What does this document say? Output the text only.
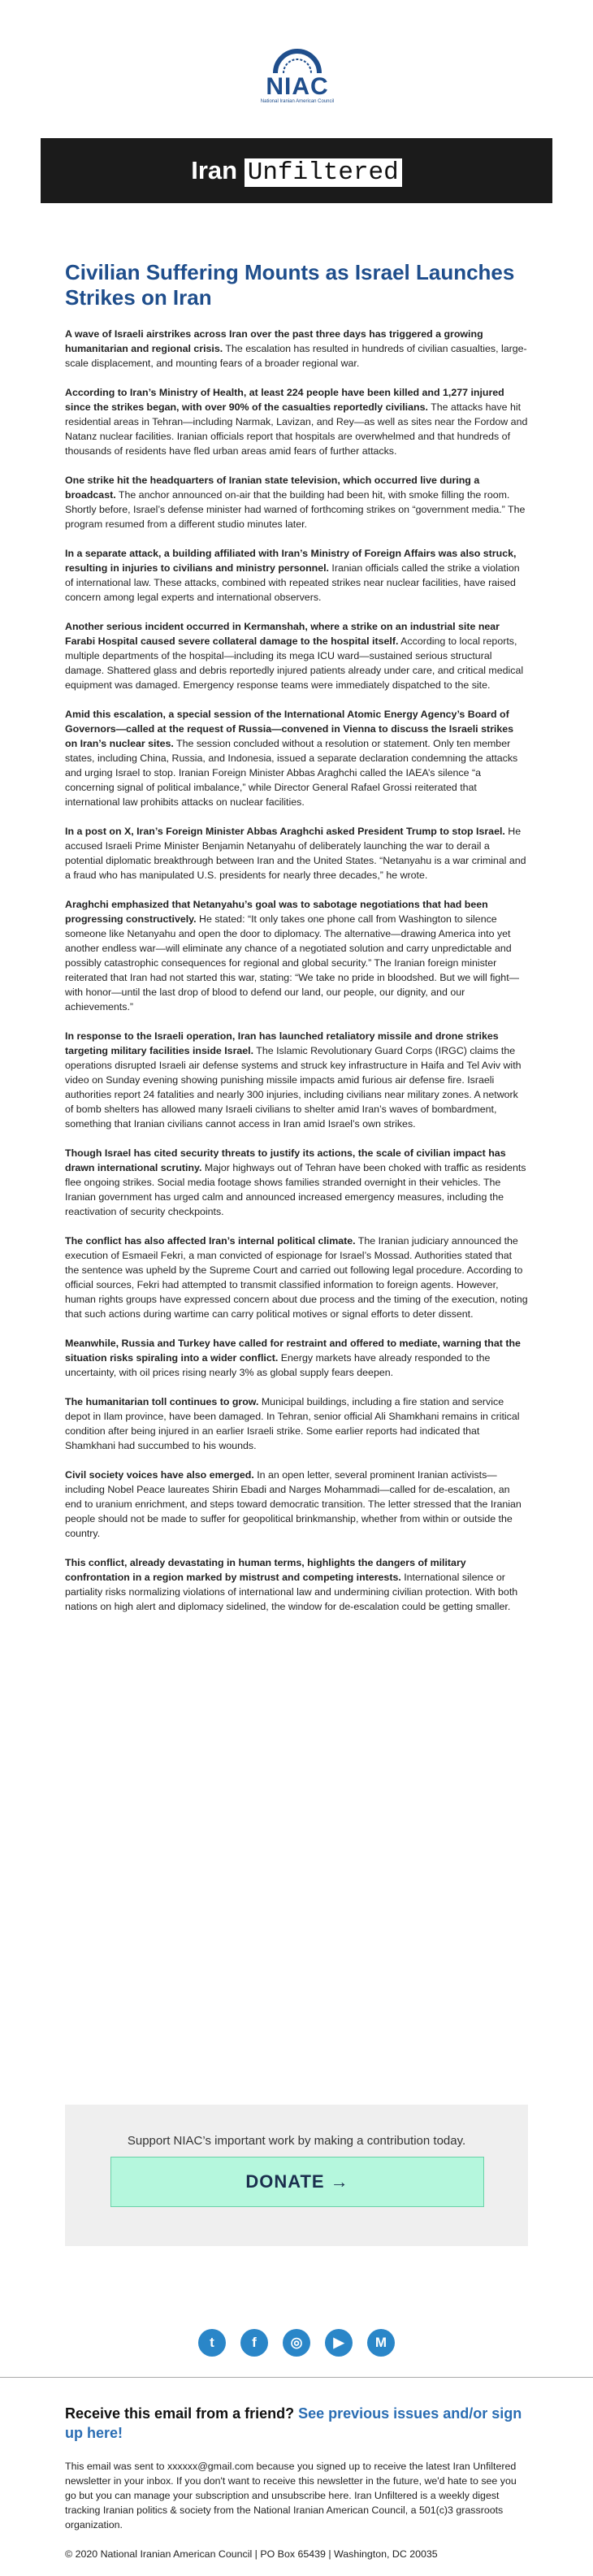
NIAC
National Iranian American Council
Iran Unfiltered
Civilian Suffering Mounts as Israel Launches Strikes on Iran

A wave of Israeli airstrikes across Iran over the past three days has triggered a growing humanitarian and regional crisis. The escalation has resulted in hundreds of civilian casualties, large-scale displacement, and mounting fears of a broader regional war.

According to Iran’s Ministry of Health, at least 224 people have been killed and 1,277 injured since the strikes began, with over 90% of the casualties reportedly civilians. The attacks have hit residential areas in Tehran—including Narmak, Lavizan, and Rey—as well as sites near the Fordow and Natanz nuclear facilities. Iranian officials report that hospitals are overwhelmed and that hundreds of thousands of residents have fled urban areas amid fears of further attacks.

One strike hit the headquarters of Iranian state television, which occurred live during a broadcast. The anchor announced on-air that the building had been hit, with smoke filling the room. Shortly before, Israel’s defense minister had warned of forthcoming strikes on “government media.” The program resumed from a different studio minutes later.

In a separate attack, a building affiliated with Iran’s Ministry of Foreign Affairs was also struck, resulting in injuries to civilians and ministry personnel. Iranian officials called the strike a violation of international law. These attacks, combined with repeated strikes near nuclear facilities, have raised concern among legal experts and international observers.

Another serious incident occurred in Kermanshah, where a strike on an industrial site near Farabi Hospital caused severe collateral damage to the hospital itself. According to local reports, multiple departments of the hospital—including its mega ICU ward—sustained serious structural damage. Shattered glass and debris reportedly injured patients already under care, and critical medical equipment was damaged. Emergency response teams were immediately dispatched to the site.

Amid this escalation, a special session of the International Atomic Energy Agency’s Board of Governors—called at the request of Russia—convened in Vienna to discuss the Israeli strikes on Iran’s nuclear sites. The session concluded without a resolution or statement. Only ten member states, including China, Russia, and Indonesia, issued a separate declaration condemning the attacks and urging Israel to stop. Iranian Foreign Minister Abbas Araghchi called the IAEA’s silence “a concerning signal of political imbalance,” while Director General Rafael Grossi reiterated that international law prohibits attacks on nuclear facilities.

In a post on X, Iran’s Foreign Minister Abbas Araghchi asked President Trump to stop Israel. He accused Israeli Prime Minister Benjamin Netanyahu of deliberately launching the war to derail a potential diplomatic breakthrough between Iran and the United States. “Netanyahu is a war criminal and a fraud who has manipulated U.S. presidents for nearly three decades,” he wrote.

Araghchi emphasized that Netanyahu’s goal was to sabotage negotiations that had been progressing constructively. He stated: “It only takes one phone call from Washington to silence someone like Netanyahu and open the door to diplomacy. The alternative—drawing America into yet another endless war—will eliminate any chance of a negotiated solution and carry unpredictable and possibly catastrophic consequences for regional and global security.” The Iranian foreign minister reiterated that Iran had not started this war, stating: “We take no pride in bloodshed. But we will fight—with honor—until the last drop of blood to defend our land, our people, our dignity, and our achievements.”

In response to the Israeli operation, Iran has launched retaliatory missile and drone strikes targeting military facilities inside Israel. The Islamic Revolutionary Guard Corps (IRGC) claims the operations disrupted Israeli air defense systems and struck key infrastructure in Haifa and Tel Aviv with video on Sunday evening showing punishing missile impacts amid furious air defense fire. Israeli authorities report 24 fatalities and nearly 300 injuries, including civilians near military zones. A network of bomb shelters has allowed many Israeli civilians to shelter amid Iran’s waves of bombardment, something that Iranian civilians cannot access in Iran amid Israel’s own strikes.

Though Israel has cited security threats to justify its actions, the scale of civilian impact has drawn international scrutiny. Major highways out of Tehran have been choked with traffic as residents flee ongoing strikes. Social media footage shows families stranded overnight in their vehicles. The Iranian government has urged calm and announced increased emergency measures, including the reactivation of security checkpoints.

The conflict has also affected Iran’s internal political climate. The Iranian judiciary announced the execution of Esmaeil Fekri, a man convicted of espionage for Israel’s Mossad. Authorities stated that the sentence was upheld by the Supreme Court and carried out following legal procedure. According to official sources, Fekri had attempted to transmit classified information to foreign agents. However, human rights groups have expressed concern about due process and the timing of the execution, noting that such actions during wartime can carry political motives or signal efforts to deter dissent.

Meanwhile, Russia and Turkey have called for restraint and offered to mediate, warning that the situation risks spiraling into a wider conflict. Energy markets have already responded to the uncertainty, with oil prices rising nearly 3% as global supply fears deepen.

The humanitarian toll continues to grow. Municipal buildings, including a fire station and service depot in Ilam province, have been damaged. In Tehran, senior official Ali Shamkhani remains in critical condition after being injured in an earlier Israeli strike. Some earlier reports had indicated that Shamkhani had succumbed to his wounds.

Civil society voices have also emerged. In an open letter, several prominent Iranian activists—including Nobel Peace laureates Shirin Ebadi and Narges Mohammadi—called for de-escalation, an end to uranium enrichment, and steps toward democratic transition. The letter stressed that the Iranian people should not be made to suffer for geopolitical brinkmanship, whether from within or outside the country.

This conflict, already devastating in human terms, highlights the dangers of military confrontation in a region marked by mistrust and competing interests. International silence or partiality risks normalizing violations of international law and undermining civilian protection. With both nations on high alert and diplomacy sidelined, the window for de-escalation could be getting smaller.

Support NIAC’s important work by making a contribution today.
DONATE →
t	f ◎ ▶ M
Receive this email from a friend? See previous issues and/or sign up here!

This email was sent to xxxxxx@gmail.com because you signed up to receive the latest Iran Unfiltered newsletter in your inbox. If you don't want to receive this newsletter in the future, we'd hate to see you go but you can manage your subscription and unsubscribe here. Iran Unfiltered is a weekly digest tracking Iranian politics & society from the National Iranian American Council, a 501(c)3 grassroots organization.

© 2020 National Iranian American Council | PO Box 65439 | Washington, DC 20035
